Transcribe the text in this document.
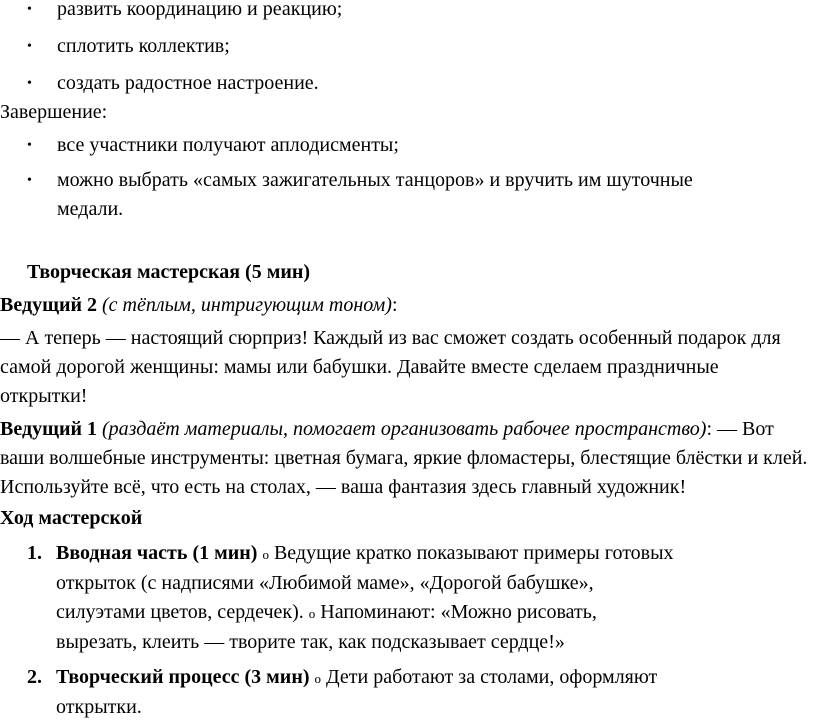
• развить координацию и реакцию;
• сплотить коллектив;
• создать радостное настроение.

Завершение:

• все участники получают аплодисменты;
• можно выбрать «самых зажигательных танцоров» и вручить им шуточные медали.

Творческая мастерская (5 мин)

Ведущий 2 (с тёплым, интригующим тоном):

— А теперь — настоящий сюрприз! Каждый из вас сможет создать особенный подарок для самой дорогой женщины: мамы или бабушки. Давайте вместе сделаем праздничные открытки!

Ведущий 1 (раздаёт материалы, помогает организовать рабочее пространство): — Вот ваши волшебные инструменты: цветная бумага, яркие фломастеры, блестящие блёстки и клей. Используйте всё, что есть на столах, — ваша фантазия здесь главный художник!

Ход мастерской

1. Вводная часть (1 мин) o Ведущие кратко показывают примеры готовых открыток (с надписями «Любимой маме», «Дорогой бабушке», силуэтами цветов, сердечек). o Напоминают: «Можно рисовать, вырезать, клеить — творите так, как подсказывает сердце!»
2. Творческий процесс (3 мин) o Дети работают за столами, оформляют открытки.
